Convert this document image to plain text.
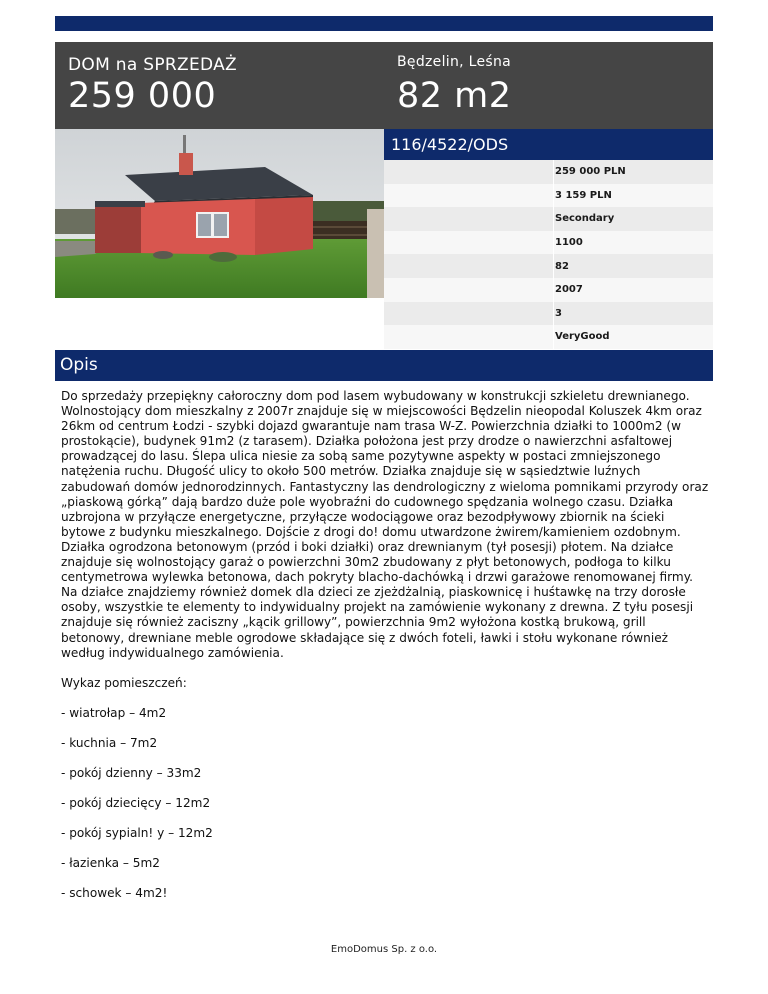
DOM na SPRZEDAŻ
259 000
Będzelin, Leśna
82 m2
116/4522/ODS
259 000 PLN
3 159 PLN
Secondary
1100
82
2007
3
VeryGood
Opis

Do sprzedaży przepiękny całoroczny dom pod lasem wybudowany w konstrukcji szkieletu drewnianego. Wolnostojący dom mieszkalny z 2007r znajduje się w miejscowości Będzelin nieopodal Koluszek 4km oraz 26km od centrum Łodzi - szybki dojazd gwarantuje nam trasa W-Z. Powierzchnia działki to 1000m2 (w prostokącie), budynek 91m2 (z tarasem). Działka położona jest przy drodze o nawierzchni asfaltowej prowadzącej do lasu. Ślepa ulica niesie za sobą same pozytywne aspekty w postaci zmniejszonego natężenia ruchu. Długość ulicy to około 500 metrów. Działka znajduje się w sąsiedztwie luźnych zabudowań domów jednorodzinnych. Fantastyczny las dendrologiczny z wieloma pomnikami przyrody oraz „piaskową górką” dają bardzo duże pole wyobraźni do cudownego spędzania wolnego czasu. Działka uzbrojona w przyłącze energetyczne, przyłącze wodociągowe oraz bezodpływowy zbiornik na ścieki bytowe z budynku mieszkalnego. Dojście z drogi do! domu utwardzone żwirem/kamieniem ozdobnym. Działka ogrodzona betonowym (przód i boki działki) oraz drewnianym (tył posesji) płotem. Na działce znajduje się wolnostojący garaż o powierzchni 30m2 zbudowany z płyt betonowych, podłoga to kilku centymetrowa wylewka betonowa, dach pokryty blacho-dachówką i drzwi garażowe renomowanej firmy. Na działce znajdziemy również domek dla dzieci ze zjeżdżalnią, piaskownicę i huśtawkę na trzy dorosłe osoby, wszystkie te elementy to indywidualny projekt na zamówienie wykonany z drewna. Z tyłu posesji znajduje się również zaciszny „kącik grillowy”, powierzchnia 9m2 wyłożona kostką brukową, grill betonowy, drewniane meble ogrodowe składające się z dwóch foteli, ławki i stołu wykonane również według indywidualnego zamówienia.

Wykaz pomieszczeń:

- wiatrołap – 4m2

- kuchnia – 7m2

- pokój dzienny – 33m2

- pokój dziecięcy – 12m2

- pokój sypialn! y – 12m2

- łazienka – 5m2

- schowek – 4m2!

EmoDomus Sp. z o.o.
